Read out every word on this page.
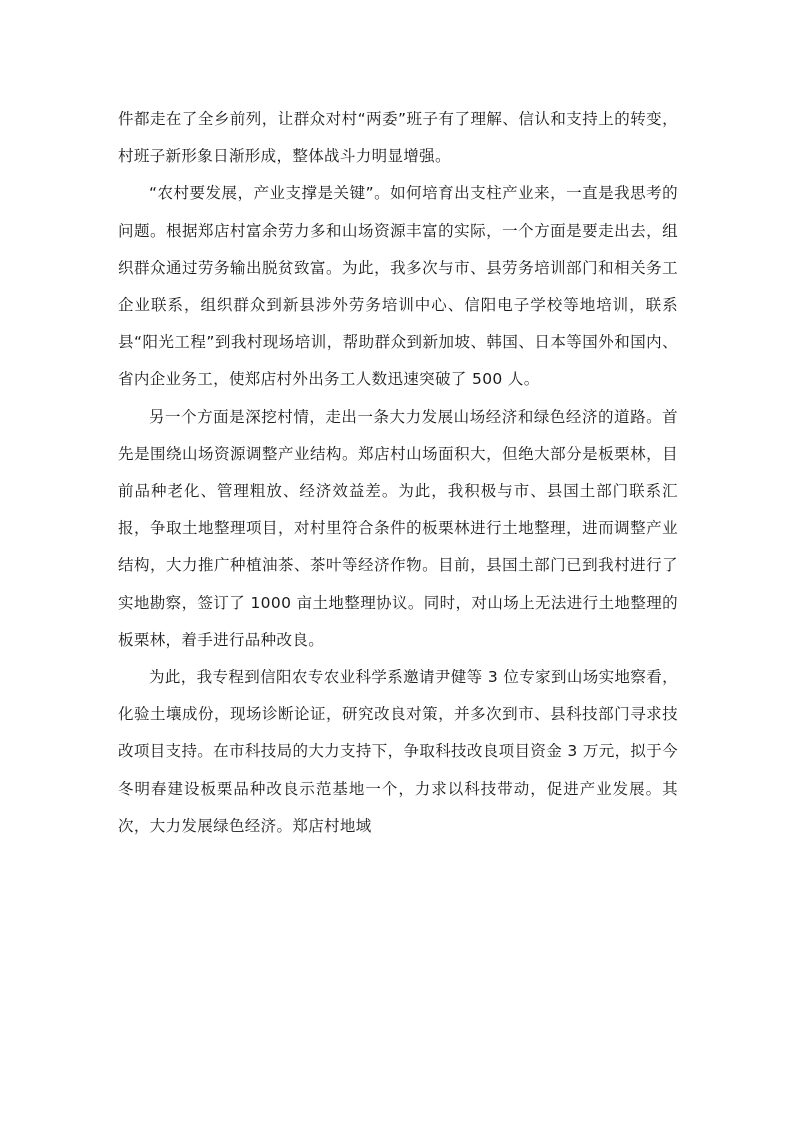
件都走在了全乡前列，让群众对村“两委”班子有了理解、信认和支持上的转变，村班子新形象日渐形成，整体战斗力明显增强。

“农村要发展，产业支撑是关键”。如何培育出支柱产业来，一直是我思考的问题。根据郑店村富余劳力多和山场资源丰富的实际，一个方面是要走出去，组织群众通过劳务输出脱贫致富。为此，我多次与市、县劳务培训部门和相关务工企业联系，组织群众到新县涉外劳务培训中心、信阳电子学校等地培训，联系县“阳光工程”到我村现场培训，帮助群众到新加坡、韩国、日本等国外和国内、省内企业务工，使郑店村外出务工人数迅速突破了 500 人。

另一个方面是深挖村情，走出一条大力发展山场经济和绿色经济的道路。首先是围绕山场资源调整产业结构。郑店村山场面积大，但绝大部分是板栗林，目前品种老化、管理粗放、经济效益差。为此，我积极与市、县国土部门联系汇报，争取土地整理项目，对村里符合条件的板栗林进行土地整理，进而调整产业结构，大力推广种植油茶、茶叶等经济作物。目前，县国土部门已到我村进行了实地勘察，签订了 1000 亩土地整理协议。同时，对山场上无法进行土地整理的板栗林，着手进行品种改良。

为此，我专程到信阳农专农业科学系邀请尹健等 3 位专家到山场实地察看，化验土壤成份，现场诊断论证，研究改良对策，并多次到市、县科技部门寻求技改项目支持。在市科技局的大力支持下，争取科技改良项目资金 3 万元，拟于今冬明春建设板栗品种改良示范基地一个，力求以科技带动，促进产业发展。其次，大力发展绿色经济。郑店村地域
